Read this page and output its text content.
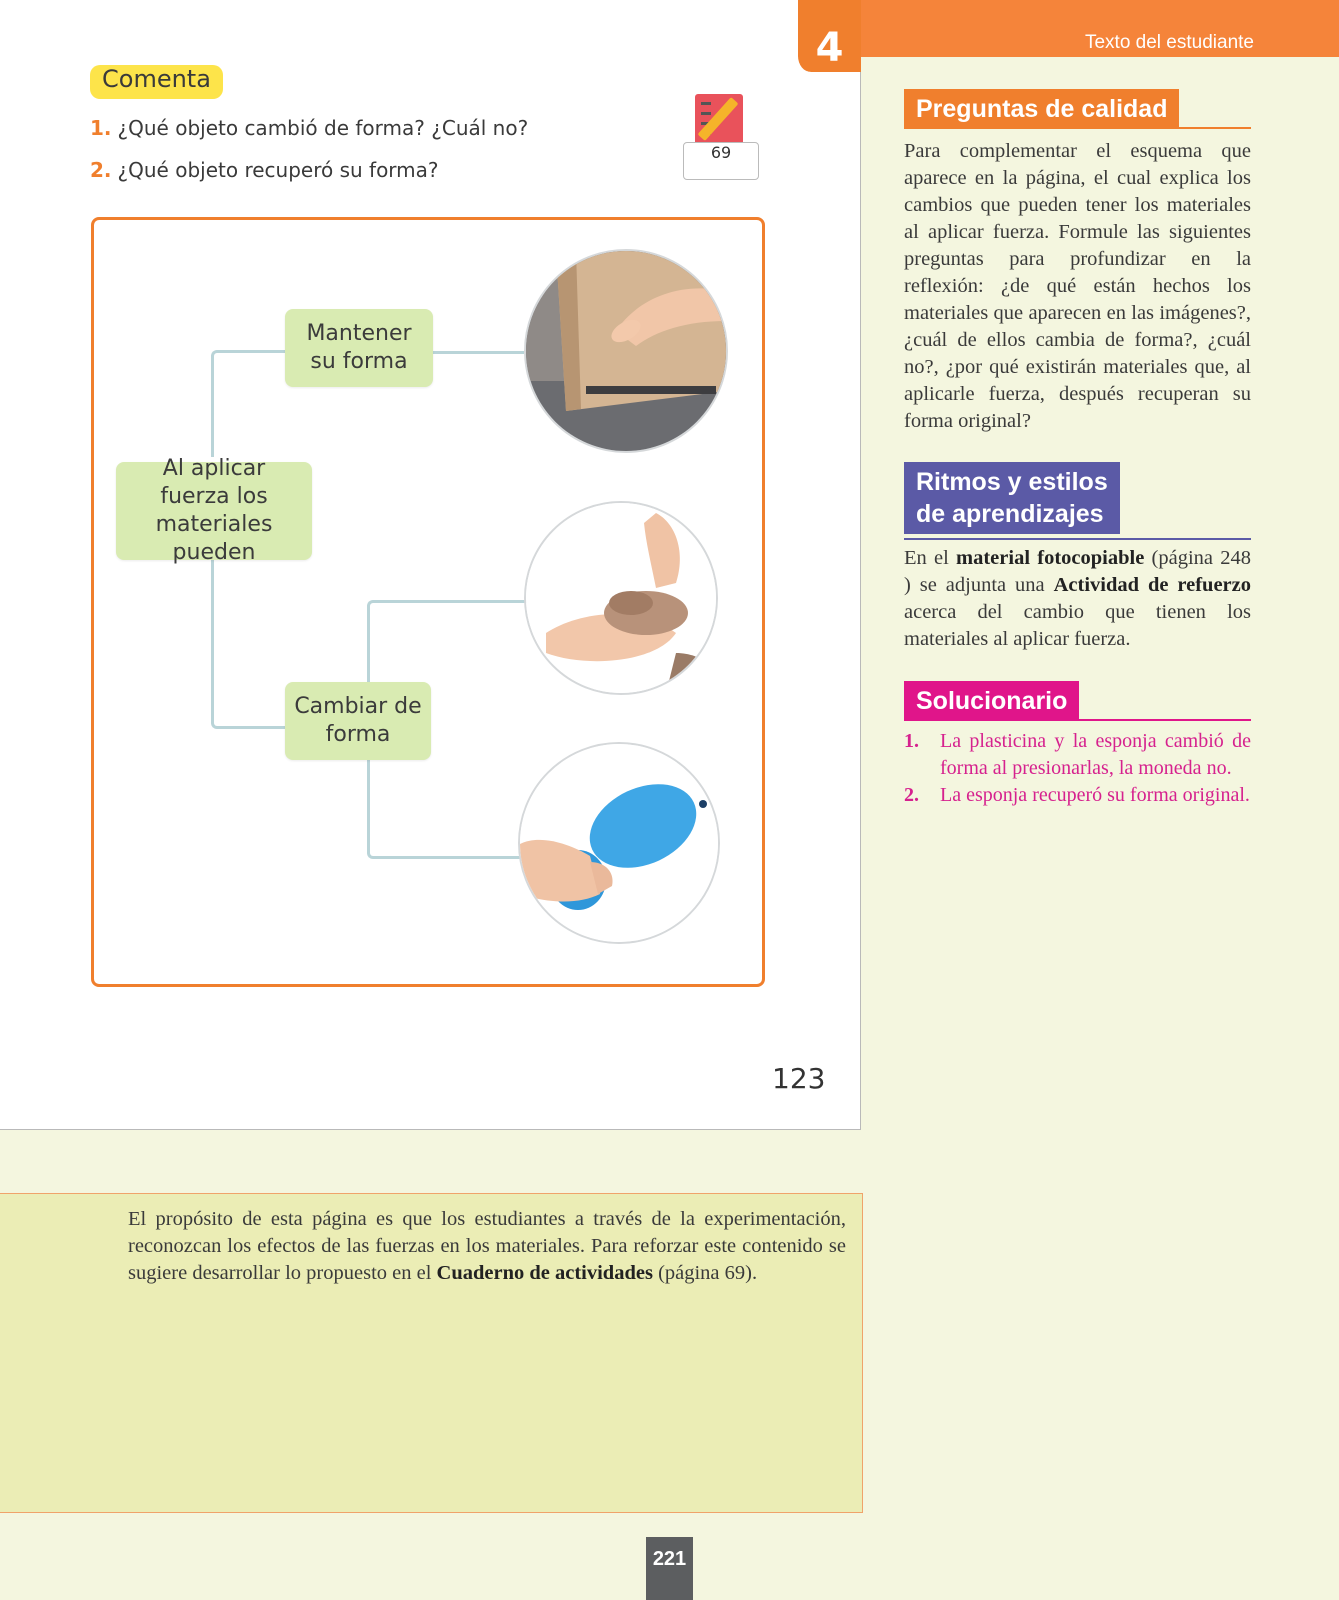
Comenta
1. ¿Qué objeto cambió de forma? ¿Cuál no?
2. ¿Qué objeto recuperó su forma?
69
Al aplicar fuerza los materiales pueden
Mantener su forma
Cambiar de forma
123
4	Texto del estudiante
Preguntas de calidad
Para complementar el esquema que aparece en la página, el cual explica los cambios que pueden tener los materiales al aplicar fuerza. Formule las siguientes preguntas para profundizar en la reflexión: ¿de qué están hechos los materiales que aparecen en las imágenes?, ¿cuál de ellos cambia de forma?, ¿cuál no?, ¿por qué existirán materiales que, al aplicarle fuerza, después recuperan su forma original?
Ritmos y estilos
de aprendizajes
En el material fotocopiable (página 248 ) se adjunta una Actividad de refuerzo acerca del cambio que tienen los materiales al aplicar fuerza.
Solucionario
1. La plasticina y la esponja cambió de forma al presionarlas, la moneda no.
2. La esponja recuperó su forma original.
El propósito de esta página es que los estudiantes a través de la experimentación, reconozcan los efectos de las fuerzas en los materiales. Para reforzar este contenido se sugiere desarrollar lo propuesto en el Cuaderno de actividades (página 69).
221
